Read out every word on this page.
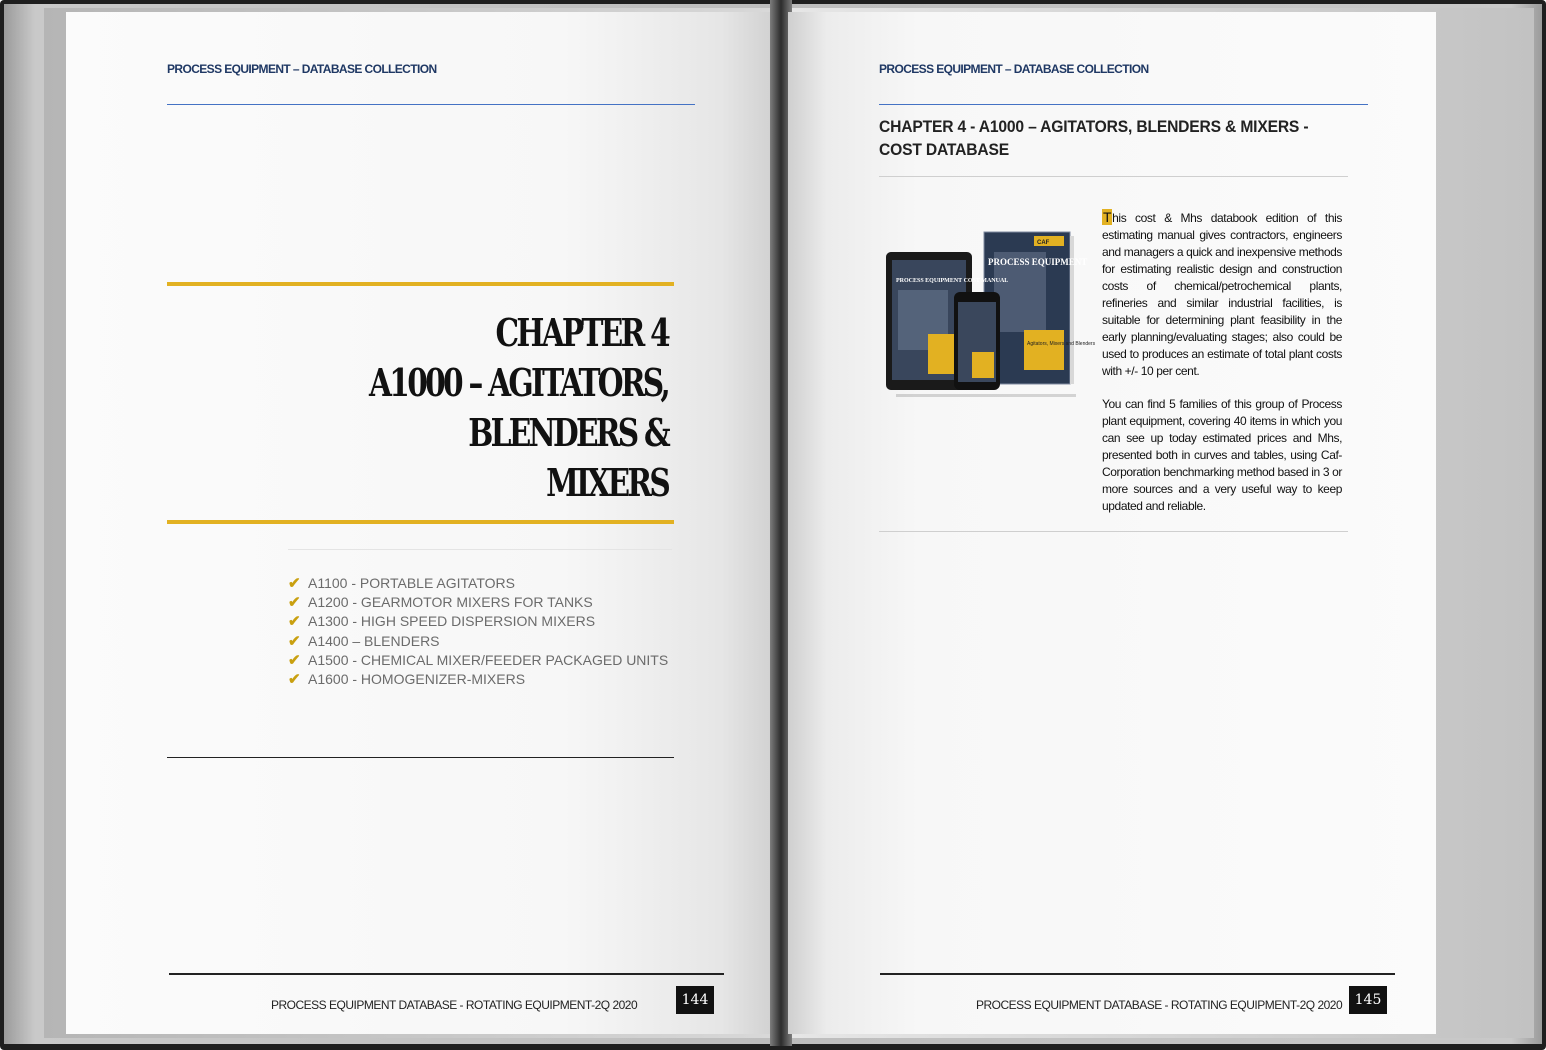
PROCESS EQUIPMENT – DATABASE COLLECTION
CHAPTER 4
A1000 – AGITATORS, BLENDERS &
MIXERS
✔ A1100 - PORTABLE AGITATORS
✔ A1200 - GEARMOTOR MIXERS FOR TANKS
✔ A1300 - HIGH SPEED DISPERSION MIXERS
✔ A1400 – BLENDERS
✔ A1500 - CHEMICAL MIXER/FEEDER PACKAGED UNITS
✔ A1600 - HOMOGENIZER-MIXERS
PROCESS EQUIPMENT DATABASE - ROTATING EQUIPMENT-2Q 2020	144
PROCESS EQUIPMENT – DATABASE COLLECTION
CHAPTER 4 - A1000 – AGITATORS, BLENDERS & MIXERS - COST DATABASE
Agitators, Mixers and Blenders
PROCESS EQUIPMENT
CAF
PROCESS EQUIPMENT COST MANUAL
This cost & Mhs databook edition of this estimating manual gives contractors, engineers and managers a quick and inexpensive methods for estimating realistic design and construction costs of chemical/petrochemical plants, refineries and similar industrial facilities, is suitable for determining plant feasibility in the early planning/evaluating stages; also could be used to produces an estimate of total plant costs with +/- 10 per cent.
You can find 5 families of this group of Process plant equipment, covering 40 items in which you can see up today estimated prices and Mhs, presented both in curves and tables, using Caf-Corporation benchmarking method based in 3 or more sources and a very useful way to keep updated and reliable.
PROCESS EQUIPMENT DATABASE - ROTATING EQUIPMENT-2Q 2020 145
